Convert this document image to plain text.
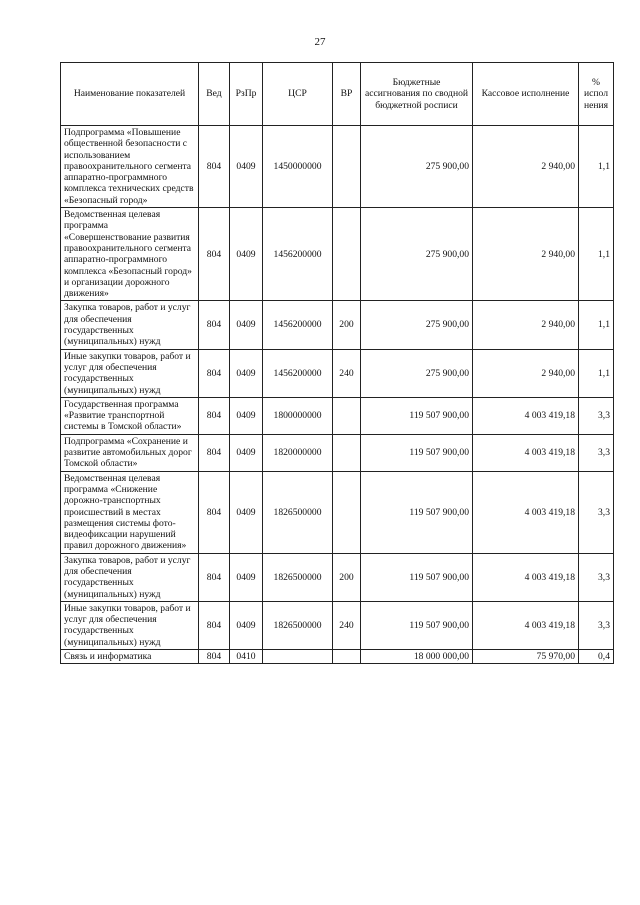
27
Наименование показателей	Вед	РзПр	ЦСР	ВР	Бюджетные ассигнования по сводной бюджетной росписи	Кассовое исполнение	% испол нения
Подпрограмма «Повышение общественной безопасности с использованием правоохранительного сегмента аппаратно-программного комплекса технических средств «Безопасный город»	804	0409	1450000000		275 900,00	2 940,00	1,1
Ведомственная целевая программа «Совершенствование развития правоохранительного сегмента аппаратно-программного комплекса «Безопасный город» и организации дорожного движения»	804	0409	1456200000		275 900,00	2 940,00	1,1
Закупка товаров, работ и услуг для обеспечения государственных (муниципальных) нужд	804	0409	1456200000	200	275 900,00	2 940,00	1,1
Иные закупки товаров, работ и услуг для обеспечения государственных (муниципальных) нужд	804	0409	1456200000	240	275 900,00	2 940,00	1,1
Государственная программа «Развитие транспортной системы в Томской области»	804	0409	1800000000		119 507 900,00	4 003 419,18	3,3
Подпрограмма «Сохранение и развитие автомобильных дорог Томской области»	804	0409	1820000000		119 507 900,00	4 003 419,18	3,3
Ведомственная целевая программа «Снижение дорожно-транспортных происшествий в местах размещения системы фото-видеофиксации нарушений правил дорожного движения»	804	0409	1826500000		119 507 900,00	4 003 419,18	3,3
Закупка товаров, работ и услуг для обеспечения государственных (муниципальных) нужд	804	0409	1826500000	200	119 507 900,00	4 003 419,18	3,3
Иные закупки товаров, работ и услуг для обеспечения государственных (муниципальных) нужд	804	0409	1826500000	240	119 507 900,00	4 003 419,18	3,3
Связь и информатика	804	0410			18 000 000,00	75 970,00	0,4
